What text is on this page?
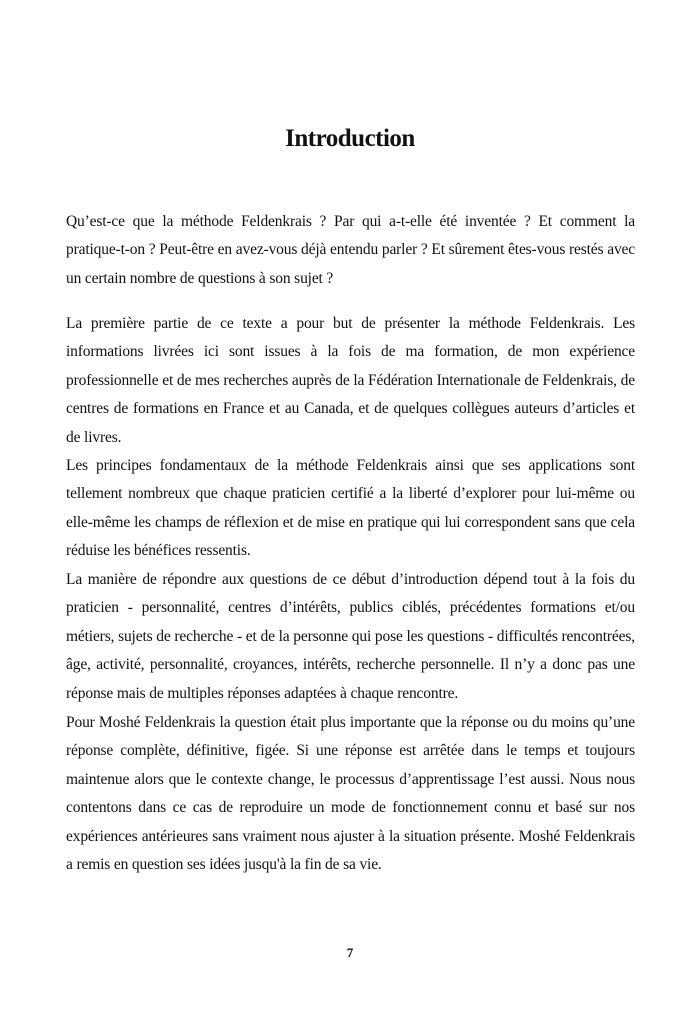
Introduction

Qu’est-ce que la méthode Feldenkrais ? Par qui a-t-elle été inventée ? Et comment la pratique-t-on ? Peut-être en avez-vous déjà entendu parler ? Et sûrement êtes-vous restés avec un certain nombre de questions à son sujet ?

La première partie de ce texte a pour but de présenter la méthode Feldenkrais. Les informations livrées ici sont issues à la fois de ma formation, de mon expérience professionnelle et de mes recherches auprès de la Fédération Internationale de Feldenkrais, de centres de formations en France et au Canada, et de quelques collègues auteurs d’articles et de livres.

Les principes fondamentaux de la méthode Feldenkrais ainsi que ses applications sont tellement nombreux que chaque praticien certifié a la liberté d’explorer pour lui-même ou elle-même les champs de réflexion et de mise en pratique qui lui correspondent sans que cela réduise les bénéfices ressentis.

La manière de répondre aux questions de ce début d’introduction dépend tout à la fois du praticien - personnalité, centres d’intérêts, publics ciblés, précédentes formations et/ou métiers, sujets de recherche - et de la personne qui pose les questions - difficultés rencontrées, âge, activité, personnalité, croyances, intérêts, recherche personnelle. Il n’y a donc pas une réponse mais de multiples réponses adaptées à chaque rencontre.

Pour Moshé Feldenkrais la question était plus importante que la réponse ou du moins qu’une réponse complète, définitive, figée. Si une réponse est arrêtée dans le temps et toujours maintenue alors que le contexte change, le processus d’apprentissage l’est aussi. Nous nous contentons dans ce cas de reproduire un mode de fonctionnement connu et basé sur nos expériences antérieures sans vraiment nous ajuster à la situation présente. Moshé Feldenkrais a remis en question ses idées jusqu'à la fin de sa vie.

7
